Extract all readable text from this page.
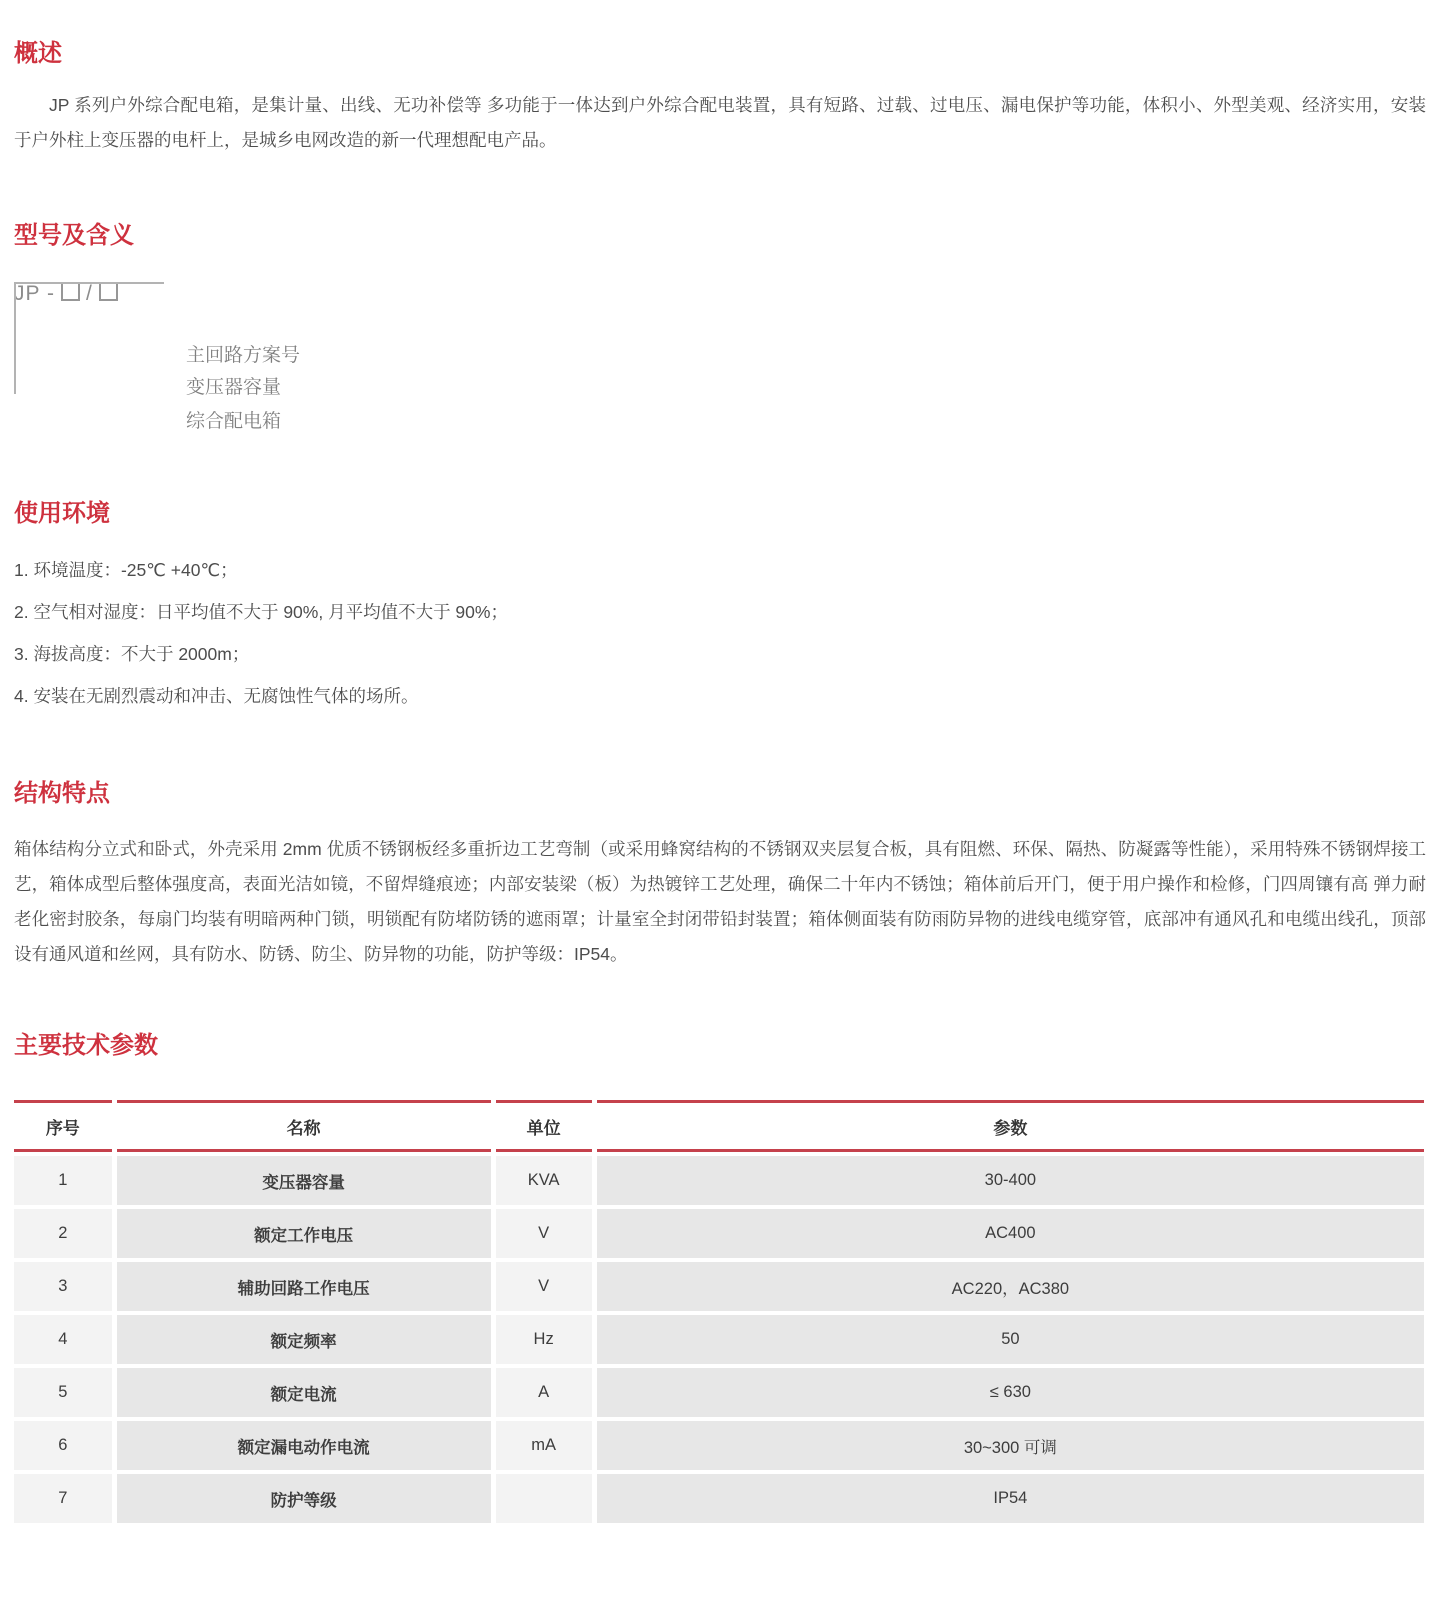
概述

JP 系列户外综合配电箱，是集计量、出线、无功补偿等 多功能于一体达到户外综合配电装置，具有短路、过载、过电压、漏电保护等功能，体积小、外型美观、经济实用，安装于户外柱上变压器的电杆上，是城乡电网改造的新一代理想配电产品。

型号及含义
JP - /
主回路方案号
变压器容量
综合配电箱
使用环境
1. 环境温度：-25℃ +40℃；
2. 空气相对湿度：日平均值不大于 90%, 月平均值不大于 90%；
3. 海拔高度：不大于 2000m；
4. 安装在无剧烈震动和冲击、无腐蚀性气体的场所。
结构特点

箱体结构分立式和卧式，外壳采用 2mm 优质不锈钢板经多重折边工艺弯制（或采用蜂窝结构的不锈钢双夹层复合板，具有阻燃、环保、隔热、防凝露等性能），采用特殊不锈钢焊接工艺，箱体成型后整体强度高，表面光洁如镜，不留焊缝痕迹；内部安装梁（板）为热镀锌工艺处理，确保二十年内不锈蚀；箱体前后开门，便于用户操作和检修，门四周镶有高 弹力耐老化密封胶条，每扇门均装有明暗两种门锁，明锁配有防堵防锈的遮雨罩；计量室全封闭带铅封装置；箱体侧面装有防雨防异物的进线电缆穿管，底部冲有通风孔和电缆出线孔，顶部设有通风道和丝网，具有防水、防锈、防尘、防异物的功能，防护等级：IP54。

主要技术参数
序号	名称	单位	参数
1	变压器容量	KVA	30-400
2	额定工作电压	V	AC400
3	辅助回路工作电压	V	AC220，AC380
4	额定频率	Hz	50
5	额定电流	A	≤ 630
6	额定漏电动作电流	mA	30~300 可调
7	防护等级		IP54
